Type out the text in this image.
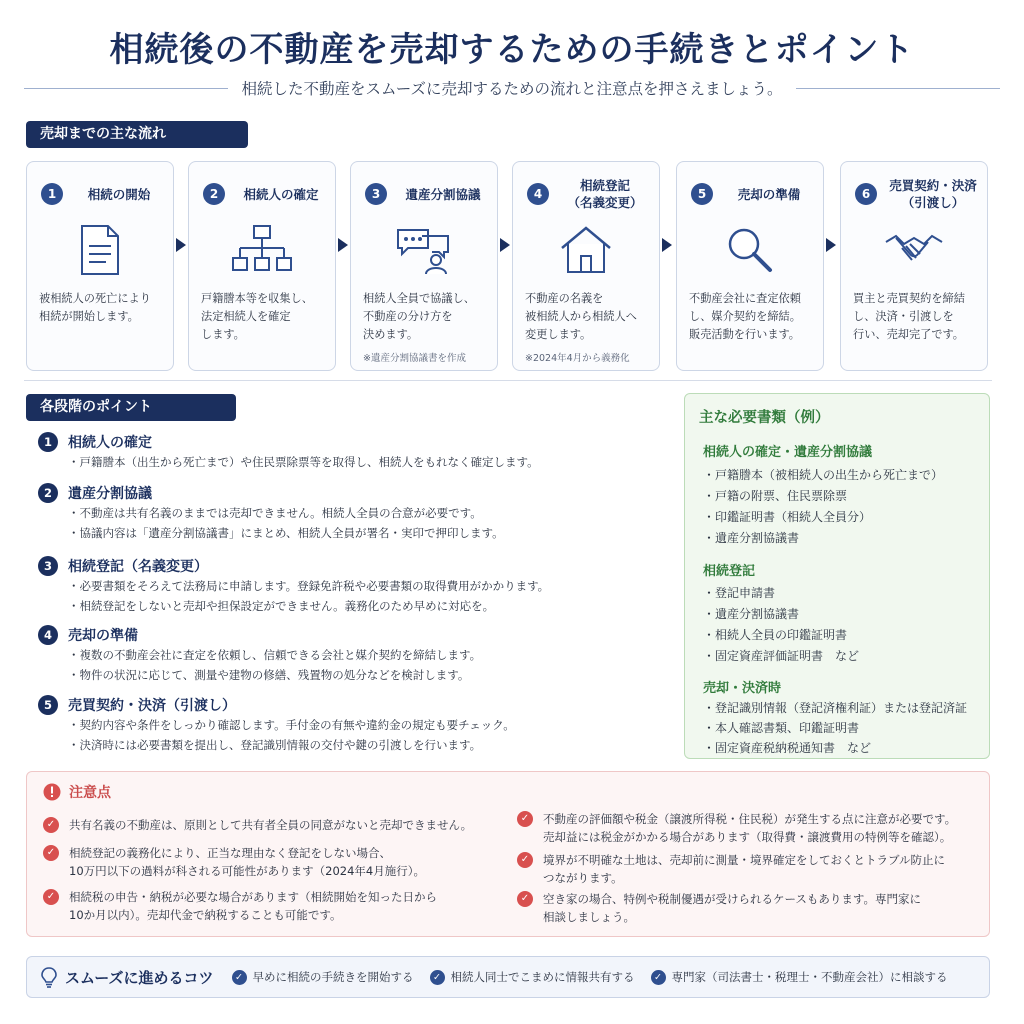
相続後の不動産を売却するための手続きとポイント
相続した不動産をスムーズに売却するための流れと注意点を押さえましょう。
売却までの主な流れ
1	相続の開始
被相続人の死亡により
相続が開始します。
2	相続人の確定
戸籍謄本等を収集し、
法定相続人を確定
します。
3	遺産分割協議
相続人全員で協議し、
不動産の分け方を
決めます。
※遺産分割協議書を作成
4
相続登記
（名義変更）
不動産の名義を
被相続人から相続人へ
変更します。
※2024年4月から義務化
5	売却の準備
不動産会社に査定依頼
し、媒介契約を締結。
販売活動を行います。
6
売買契約・決済
（引渡し）
買主と売買契約を締結
し、決済・引渡しを
行い、売却完了です。
各段階のポイント
1	相続人の確定
・戸籍謄本（出生から死亡まで）や住民票除票等を取得し、相続人をもれなく確定します。
2	遺産分割協議
・不動産は共有名義のままでは売却できません。相続人全員の合意が必要です。
・協議内容は「遺産分割協議書」にまとめ、相続人全員が署名・実印で押印します。
3	相続登記（名義変更）
・必要書類をそろえて法務局に申請します。登録免許税や必要書類の取得費用がかかります。
・相続登記をしないと売却や担保設定ができません。義務化のため早めに対応を。
4	売却の準備
・複数の不動産会社に査定を依頼し、信頼できる会社と媒介契約を締結します。
・物件の状況に応じて、測量や建物の修繕、残置物の処分などを検討します。
5	売買契約・決済（引渡し）
・契約内容や条件をしっかり確認します。手付金の有無や違約金の規定も要チェック。
・決済時には必要書類を提出し、登記識別情報の交付や鍵の引渡しを行います。
主な必要書類（例）
相続人の確定・遺産分割協議
・戸籍謄本（被相続人の出生から死亡まで）
・戸籍の附票、住民票除票
・印鑑証明書（相続人全員分）
・遺産分割協議書
相続登記
・登記申請書
・遺産分割協議書
・相続人全員の印鑑証明書
・固定資産評価証明書　など
売却・決済時
・登記識別情報（登記済権利証）または登記済証
・本人確認書類、印鑑証明書
・固定資産税納税通知書　など
注意点
✓	共有名義の不動産は、原則として共有者全員の同意がないと売却できません。
✓	相続登記の義務化により、正当な理由なく登記をしない場合、
10万円以下の過料が科される可能性があります（2024年4月施行）。
✓	相続税の申告・納税が必要な場合があります（相続開始を知った日から
10か月以内）。売却代金で納税することも可能です。
✓	不動産の評価額や税金（譲渡所得税・住民税）が発生する点に注意が必要です。
売却益には税金がかかる場合があります（取得費・譲渡費用の特例等を確認）。
✓	境界が不明確な土地は、売却前に測量・境界確定をしておくとトラブル防止に
つながります。
✓	空き家の場合、特例や税制優遇が受けられるケースもあります。専門家に
相談しましょう。
スムーズに進めるコツ	✓ 早めに相続の手続きを開始する	✓ 相続人同士でこまめに情報共有する	✓ 専門家（司法書士・税理士・不動産会社）に相談する
